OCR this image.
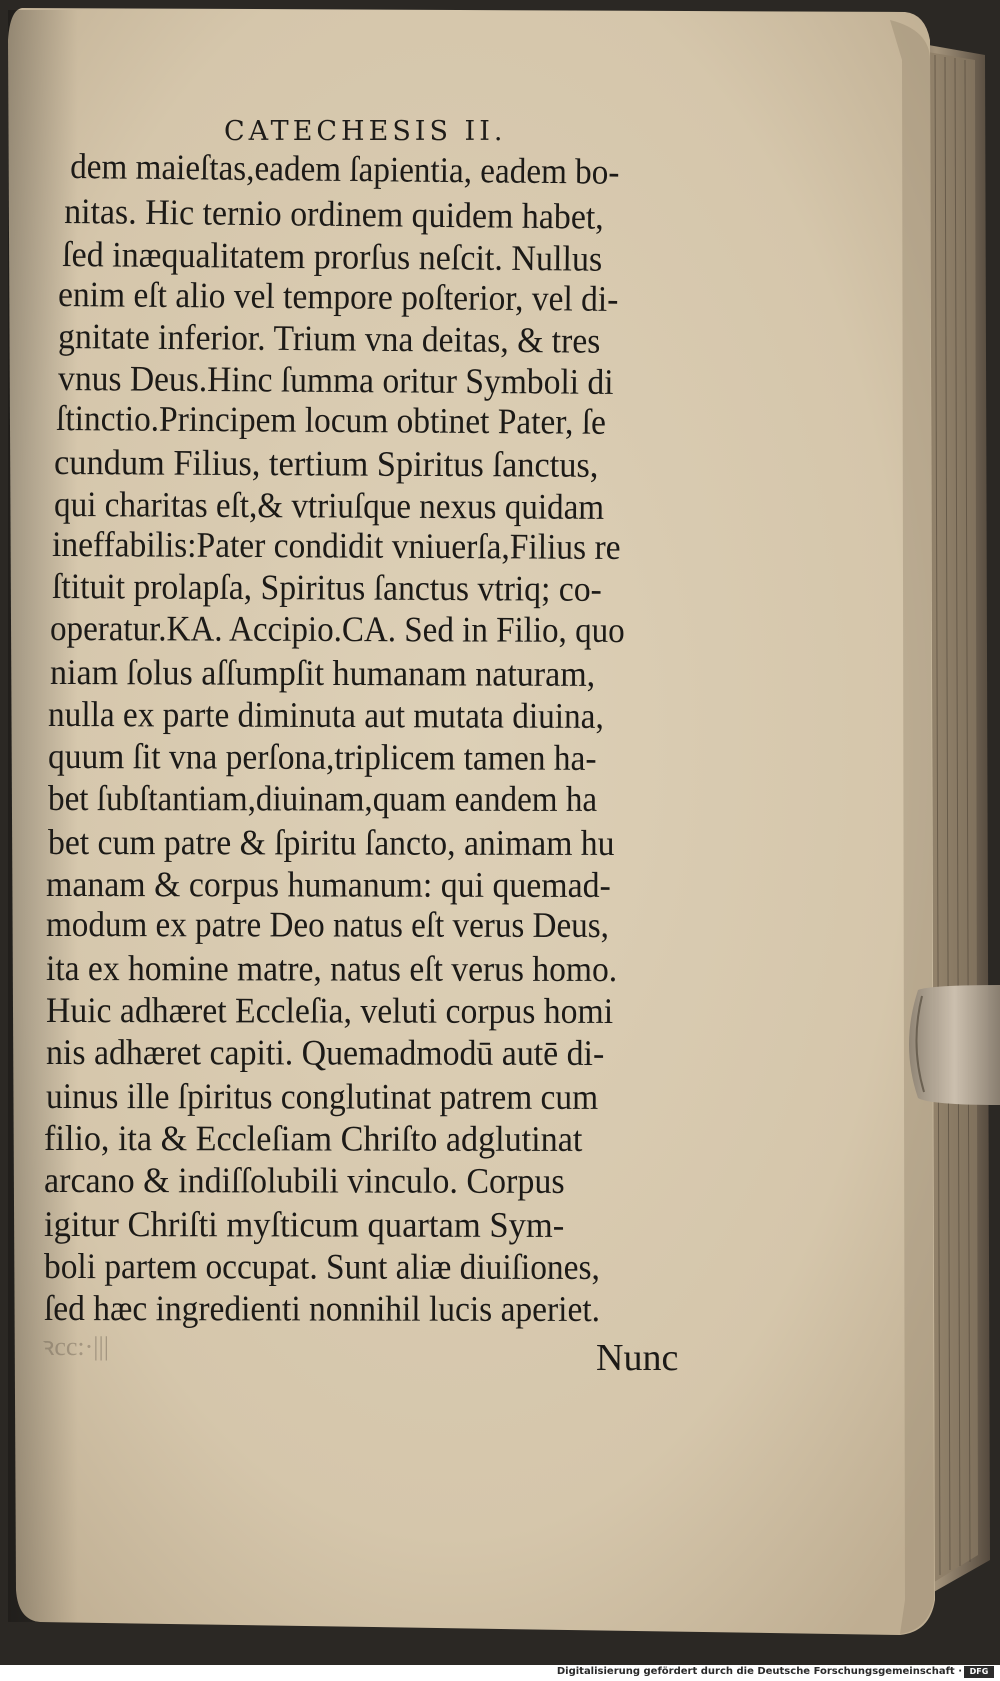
CATECHESIS II.
dem maieſtas,eadem ſapientia, eadem bo-
nitas. Hic ternio ordinem quidem habet,
ſed inæqualitatem prorſus neſcit. Nullus
enim eſt alio vel tempore poſterior, vel di-
gnitate inferior. Trium vna deitas, & tres
vnus Deus.Hinc ſumma oritur Symboli di
ſtinctio.Principem locum obtinet Pater, ſe
cundum Filius, tertium Spiritus ſanctus,
qui charitas eſt,& vtriuſque nexus quidam
ineffabilis:Pater condidit vniuerſa,Filius re
ſtituit prolapſa, Spiritus ſanctus vtriq; co-
operatur.KA. Accipio.CA. Sed in Filio, quo
niam ſolus aſſumpſit humanam naturam,
nulla ex parte diminuta aut mutata diuina,
quum ſit vna perſona,triplicem tamen ha-
bet ſubſtantiam,diuinam,quam eandem ha
bet cum patre & ſpiritu ſancto, animam hu
manam & corpus humanum: qui quemad-
modum ex patre Deo natus eſt verus Deus,
ita ex homine matre, natus eſt verus homo.
Huic adhæret Eccleſia, veluti corpus homi
nis adhæret capiti. Quemadmodū autē di-
uinus ille ſpiritus conglutinat patrem cum
filio, ita & Eccleſiam Chriſto adglutinat
arcano & indiſſolubili vinculo. Corpus
igitur Chriſti myſticum quartam Sym-
boli partem occupat. Sunt aliæ diuiſiones,
ſed hæc ingredienti nonnihil lucis aperiet.
ꝛcc:·|||	Nunc
Digitalisierung gefördert durch die Deutsche Forschungsgemeinschaft · DFG
